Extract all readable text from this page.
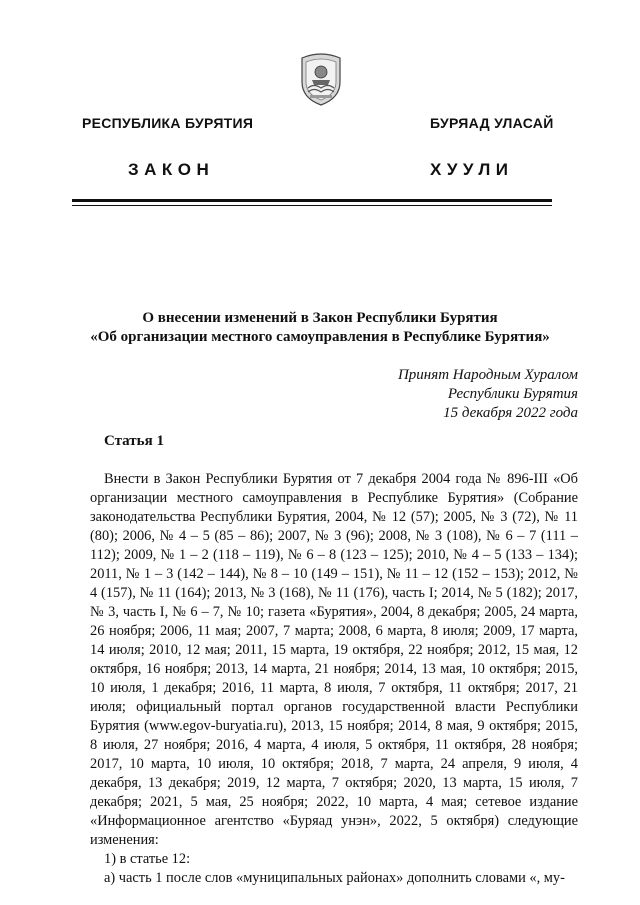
РЕСПУБЛИКА БУРЯТИЯ	БУРЯАД УЛАСАЙ
ЗАКОН	ХУУЛИ
О внесении изменений в Закон Республики Бурятия
«Об организации местного самоуправления в Республике Бурятия»
Принят Народным Хуралом
Республики Бурятия
15 декабря 2022 года
Статья 1

Внести в Закон Республики Бурятия от 7 декабря 2004 года № 896-III «Об организации местного самоуправления в Республике Бурятия» (Собрание законодательства Республики Бурятия, 2004, № 12 (57); 2005, № 3 (72), № 11 (80); 2006, № 4 – 5 (85 – 86); 2007, № 3 (96); 2008, № 3 (108), № 6 – 7 (111 – 112); 2009, № 1 – 2 (118 – 119), № 6 – 8 (123 – 125); 2010, № 4 – 5 (133 – 134); 2011, № 1 – 3 (142 – 144), № 8 – 10 (149 – 151), № 11 – 12 (152 – 153); 2012, № 4 (157), № 11 (164); 2013, № 3 (168), № 11 (176), часть I; 2014, № 5 (182); 2017, № 3, часть I, № 6 – 7, № 10; газета «Бурятия», 2004, 8 декабря; 2005, 24 марта, 26 ноября; 2006, 11 мая; 2007, 7 марта; 2008, 6 марта, 8 июля; 2009, 17 марта, 14 июля; 2010, 12 мая; 2011, 15 марта, 19 октября, 22 ноября; 2012, 15 мая, 12 октября, 16 ноября; 2013, 14 марта, 21 ноября; 2014, 13 мая, 10 октября; 2015, 10 июля, 1 декабря; 2016, 11 марта, 8 июля, 7 октября, 11 октября; 2017, 21 июля; официальный портал органов государственной власти Республики Бурятия (www.egov-buryatia.ru), 2013, 15 ноября; 2014, 8 мая, 9 октября; 2015, 8 июля, 27 ноября; 2016, 4 марта, 4 июля, 5 октября, 11 октября, 28 ноября; 2017, 10 марта, 10 июля, 10 октября; 2018, 7 марта, 24 апреля, 9 июля, 4 декабря, 13 декабря; 2019, 12 марта, 7 октября; 2020, 13 марта, 15 июля, 7 декабря; 2021, 5 мая, 25 ноября; 2022, 10 марта, 4 мая; сетевое издание «Информационное агентство «Буряад унэн», 2022, 5 октября) следующие изменения:

1) в статье 12:

а) часть 1 после слов «муниципальных районах» дополнить словами «, му-
